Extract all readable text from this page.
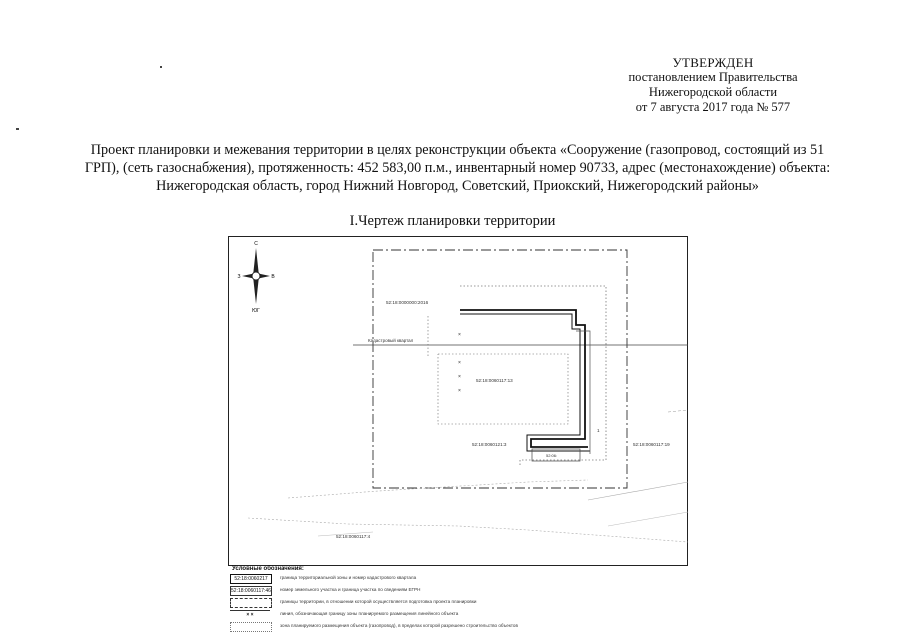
УТВЕРЖДЕН
постановлением Правительства
Нижегородской области
от 7 августа 2017 года № 577
Проект планировки и межевания территории в целях реконструкции объекта «Сооружение (газопровод, состоящий из 51
ГРП), (сеть газоснабжения), протяженность: 452 583,00 п.м., инвентарный номер 90733, адрес (местонахождение) объекта:
Нижегородская область, город Нижний Новгород, Советский, Приокский, Нижегородский районы»
I.Чертеж планировки территории
С
ЮГ
З	В
Кадастровый квартал
52:06:
×
×
×
×
52:18:0000000:2016
52:18:0060117:13
52:18:0060121:3	52:18:0060117:19
52:18:0060117:4
1
Условные обозначения:
52:18:0060217	граница территориальной зоны и номер кадастрового квартала
52:18:0060117:46 номер земельного участка и граница участка по сведениям ЕГРН
границы территории, в отношении которой осуществляется подготовка проекта планировки
× ×	линия, обозначающая границу зоны планируемого размещения линейного объекта
зона планируемого размещения объекта (газопровод), в пределах которой разрешено строительство объектов
